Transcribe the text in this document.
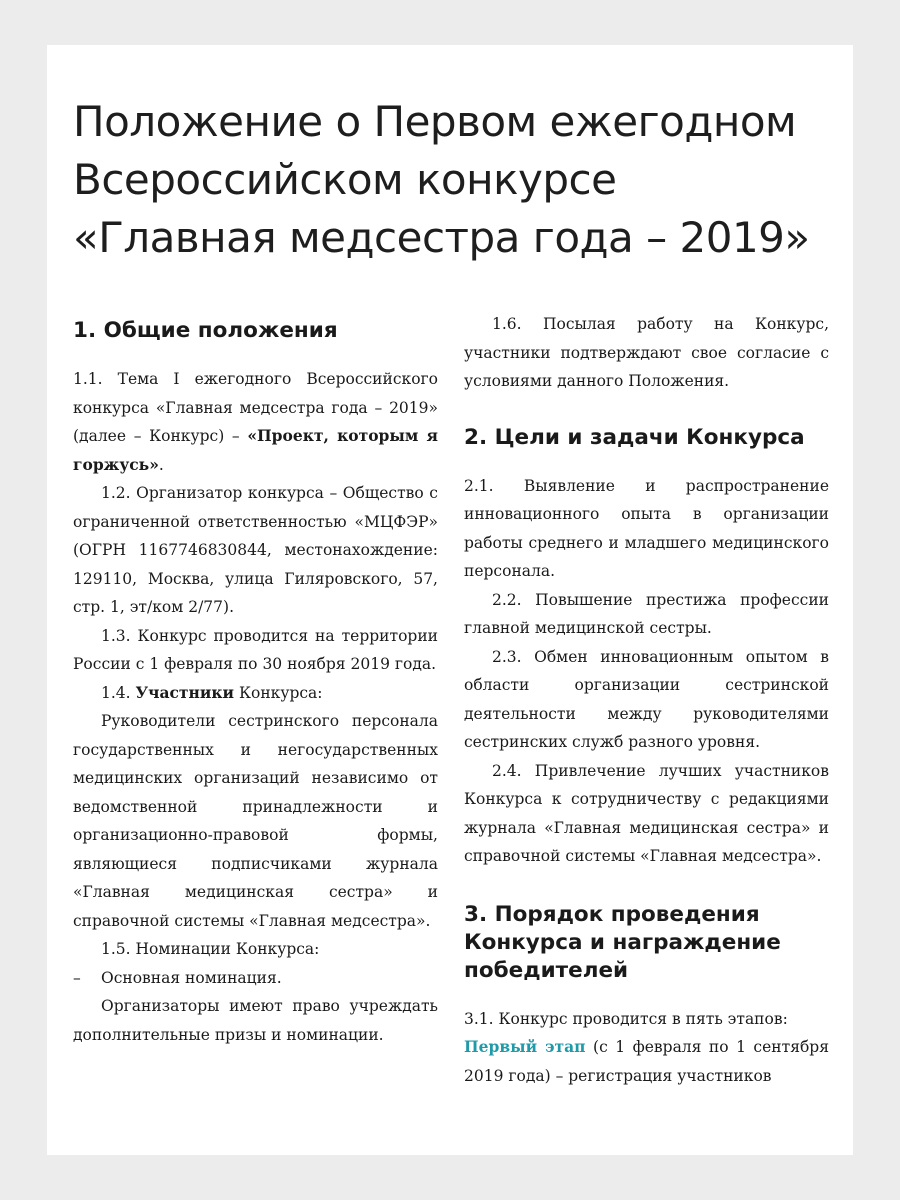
Положение о Первом ежегодном
Всероссийском конкурсе
«Главная медсестра года – 2019»
1. Общие положения

1.1. Тема I ежегодного Всероссийского конкурса «Главная медсестра года – 2019» (далее – Конкурс) – «Проект, которым я горжусь».

1.2. Организатор конкурса – Общество с ограниченной ответственностью «МЦФЭР» (ОГРН 1167746830844, местонахождение: 129110, Москва, улица Гиляровского, 57, стр. 1, эт/ком 2/77).

1.3. Конкурс проводится на территории России с 1 февраля по 30 ноября 2019 года.

1.4. Участники Конкурса:

Руководители сестринского персонала государственных и негосударственных медицинских организаций независимо от ведомственной принадлежности и организационно-правовой формы, являющиеся подписчиками журнала «Главная медицинская сестра» и справочной системы «Главная медсестра».

1.5. Номинации Конкурса:

–	Основная номинация.

Организаторы имеют право учреждать дополнительные призы и номинации.

1.6. Посылая работу на Конкурс, участники подтверждают свое согласие с условиями данного Положения.

2. Цели и задачи Конкурса

2.1. Выявление и распространение инновационного опыта в организации работы среднего и младшего медицинского персонала.

2.2. Повышение престижа профессии главной медицинской сестры.

2.3. Обмен инновационным опытом в области организации сестринской деятельности между руководителями сестринских служб разного уровня.

2.4. Привлечение лучших участников Конкурса к сотрудничеству с редакциями журнала «Главная медицинская сестра» и справочной системы «Главная медсестра».

3. Порядок проведения Конкурса и награждение победителей

3.1. Конкурс проводится в пять этапов:

Первый этап (с 1 февраля по 1 сентября 2019 года) – регистрация участников
